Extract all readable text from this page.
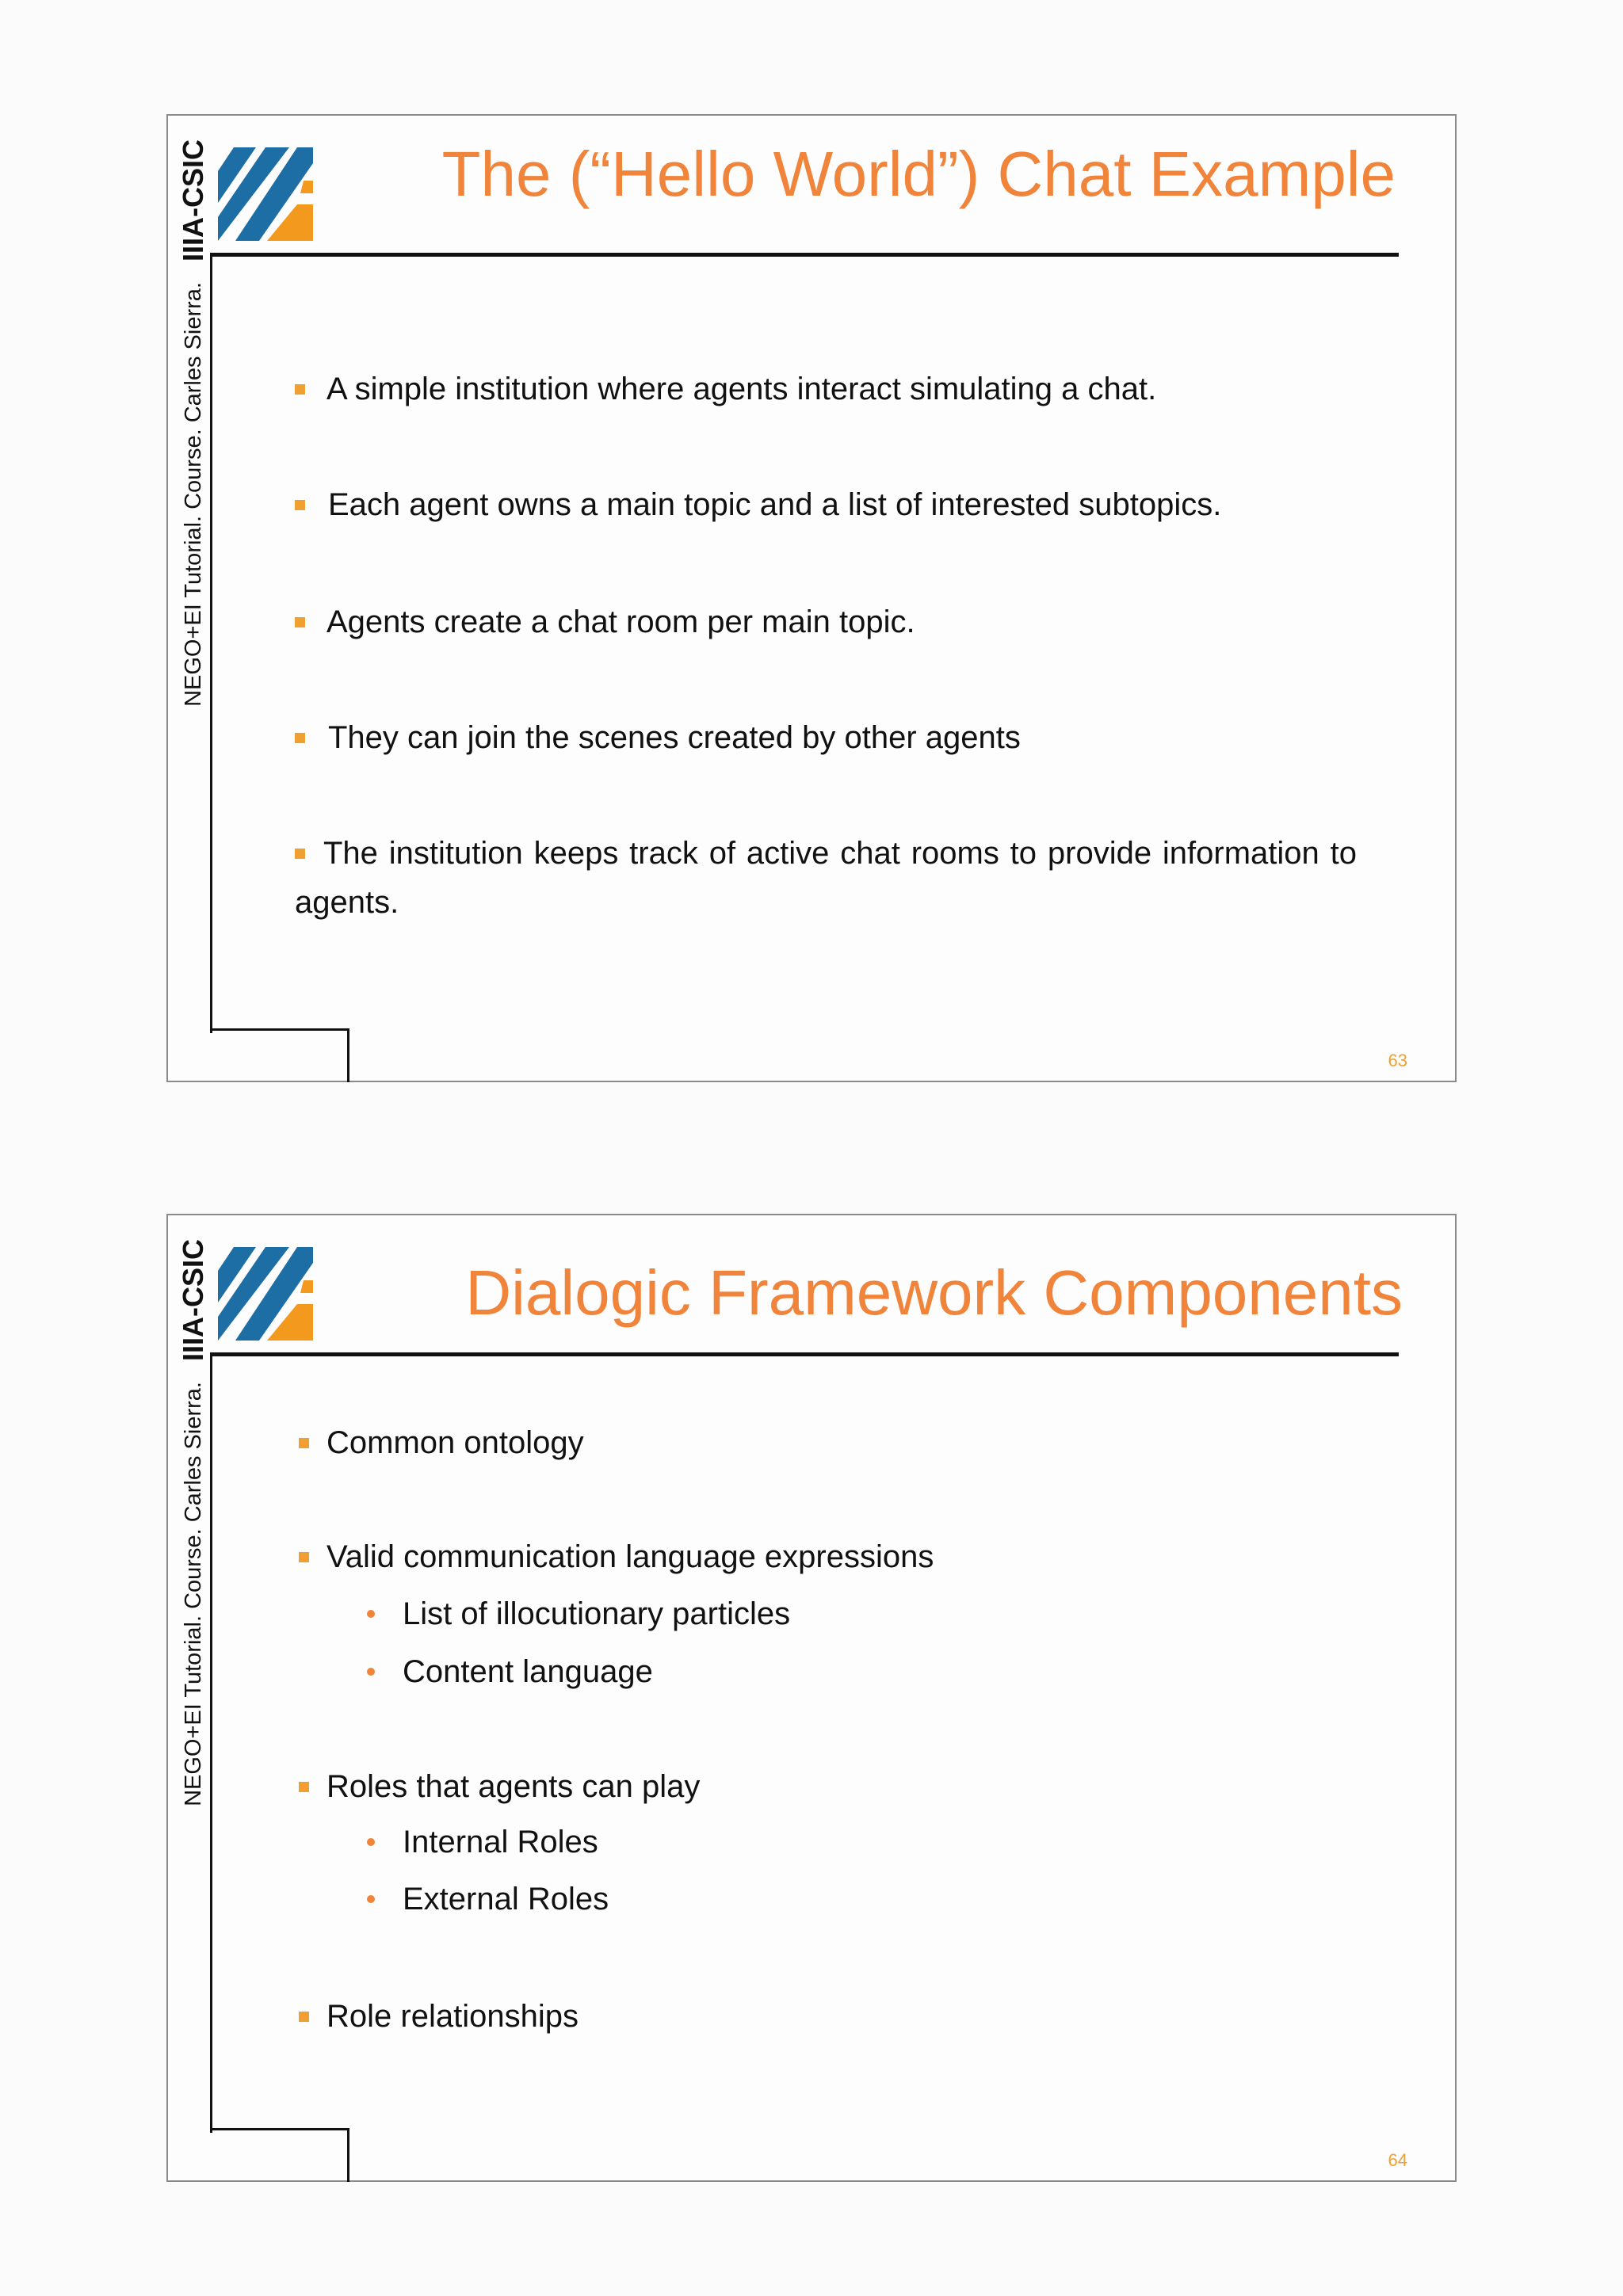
NEGO+EI Tutorial. Course. Carles Sierra.
IIIA-CSIC	The (“Hello World”) Chat Example
A simple institution where agents interact simulating a chat.
Each agent owns a main topic and a list of interested subtopics.
Agents create a chat room per main topic.
They can join the scenes created by other agents
The institution keeps track of active chat rooms to provide information to agents.
63
NEGO+EI Tutorial. Course. Carles Sierra.
IIIA-CSIC	Dialogic Framework Components
Common ontology
Valid communication language expressions
List of illocutionary particles
Content language
Roles that agents can play
Internal Roles
External Roles
Role relationships
64
